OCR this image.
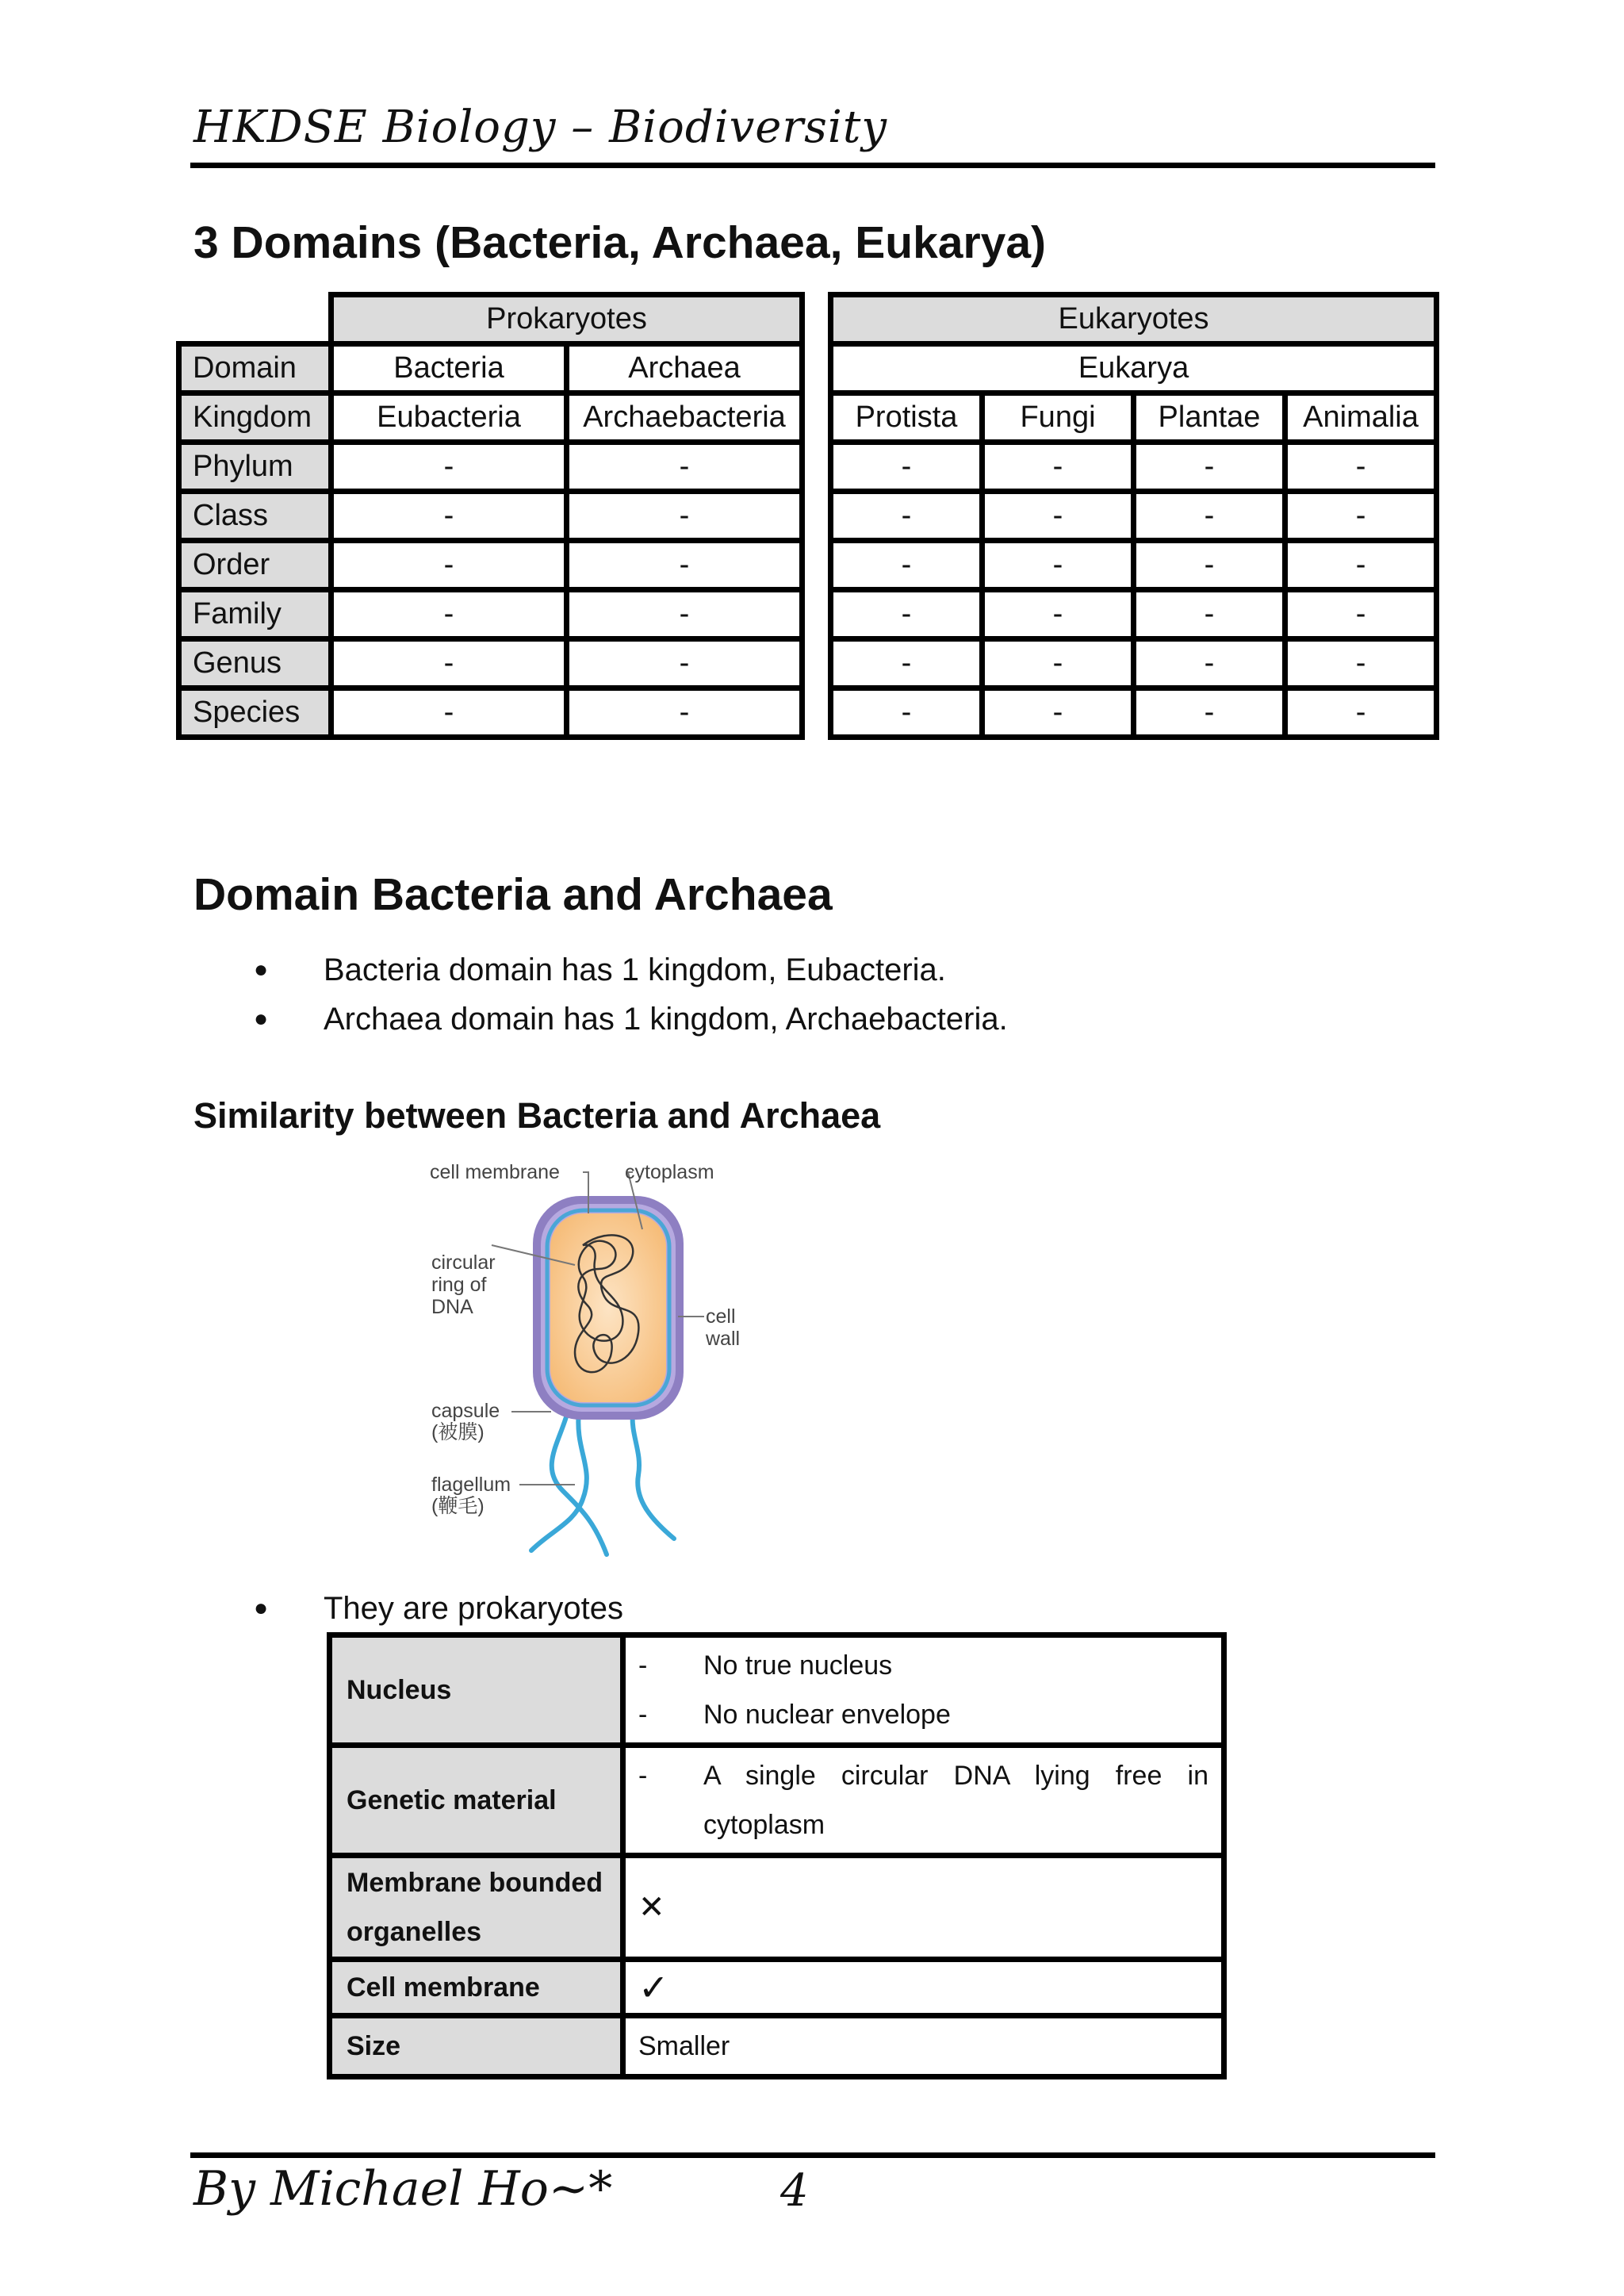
HKDSE Biology – Biodiversity
3 Domains (Bacteria, Archaea, Eukarya)
	Prokaryotes	
Domain	Bacteria	Archaea
Kingdom	Eubacteria	Archaebacteria
Phylum	-	-
Class	-	-
Order	-	-
Family	-	-
Genus	-	-
Species	-	-
Eukaryotes			
Eukarya			
Protista	Fungi	Plantae	Animalia
-	-	-	-
-	-	-	-
-	-	-	-
-	-	-	-
-	-	-	-
-	-	-	-
Domain Bacteria and Archaea
● Bacteria domain has 1 kingdom, Eubacteria.
● Archaea domain has 1 kingdom, Archaebacteria.
Similarity between Bacteria and Archaea
cell membrane	cytoplasm
circular
ring of
DNA	cell
wall
capsule
(被膜)
flagellum
(鞭毛)
● They are prokaryotes
Nucleus	- No true nucleus
- No nuclear envelope

Genetic material	- A single circular DNA lying free in cytoplasm

Membrane bounded
organelles	✕
Cell membrane	✓
Size	Smaller
By Michael Ho~*	4
